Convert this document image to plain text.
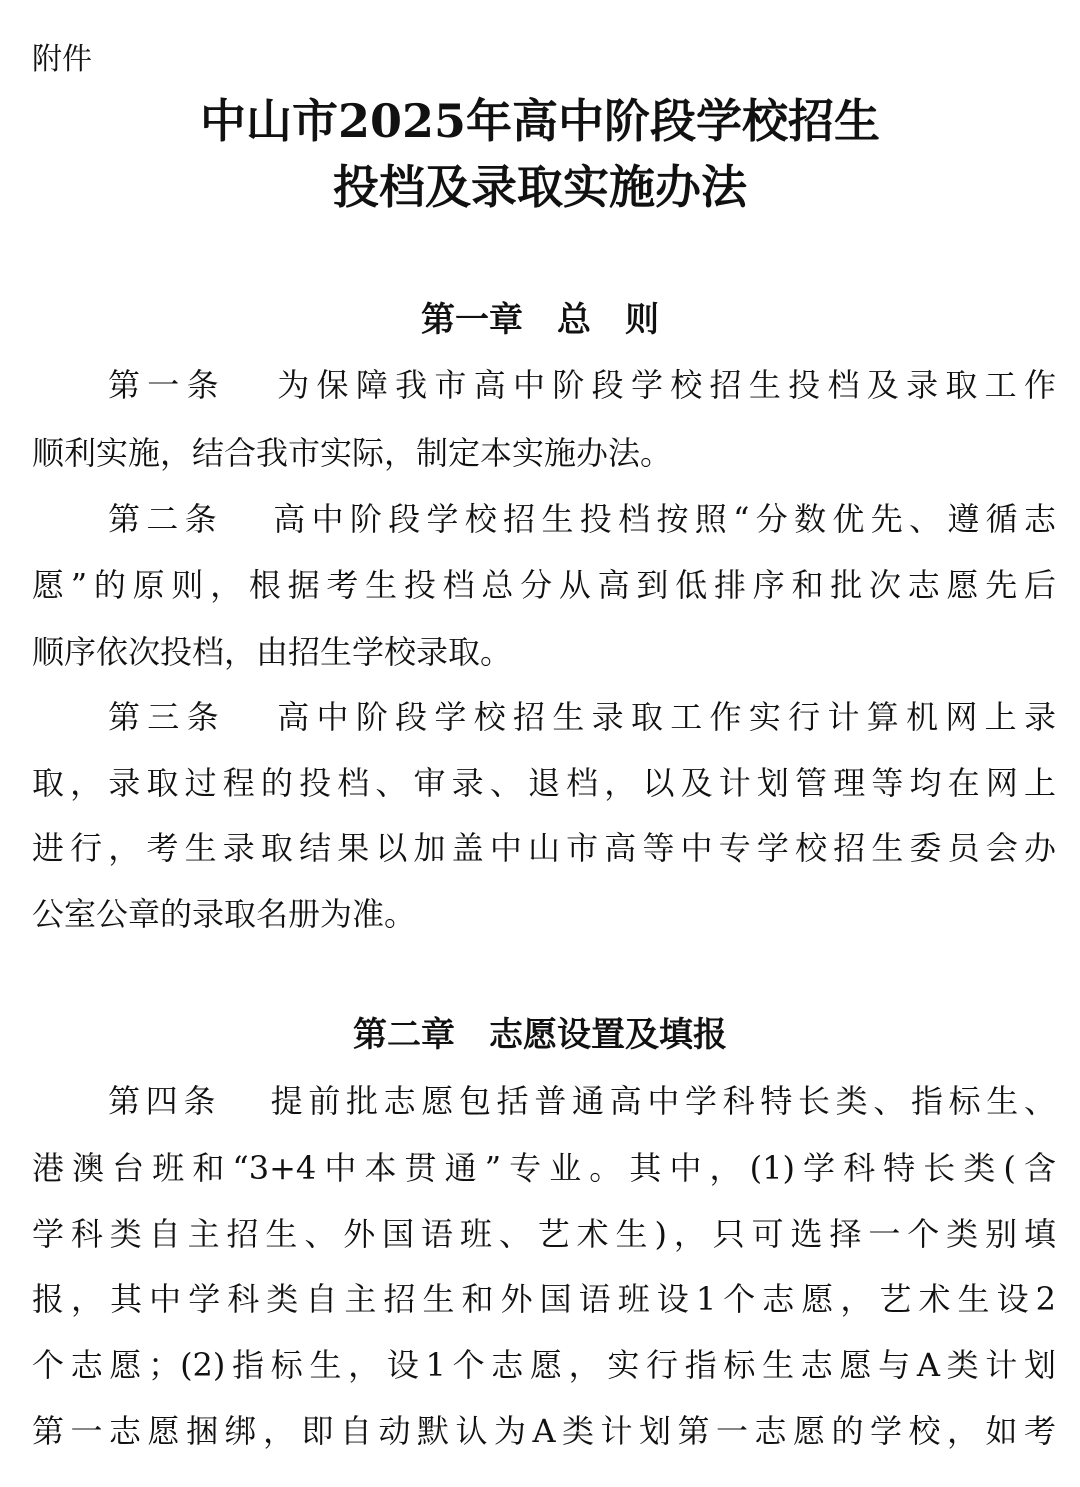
附件
中山市2025年高中阶段学校招生
投档及录取实施办法
第一章　总　则
第一条 为保障我市高中阶段学校招生投档及录取工作
顺利实施，结合我市实际，制定本实施办法。
第二条 高中阶段学校招生投档按照“分数优先、遵循志
愿”的原则，根据考生投档总分从高到低排序和批次志愿先后
顺序依次投档，由招生学校录取。
第三条 高中阶段学校招生录取工作实行计算机网上录
取，录取过程的投档、审录、退档，以及计划管理等均在网上
进行，考生录取结果以加盖中山市高等中专学校招生委员会办
公室公章的录取名册为准。
第二章　志愿设置及填报
第四条 提前批志愿包括普通高中学科特长类、指标生、
港澳台班和“3+4中本贯通”专业。其中，(1)学科特长类(含
学科类自主招生、外国语班、艺术生)，只可选择一个类别填
报，其中学科类自主招生和外国语班设1个志愿，艺术生设2
个志愿；(2)指标生，设1个志愿，实行指标生志愿与A类计划
第一志愿捆绑，即自动默认为A类计划第一志愿的学校，如考
